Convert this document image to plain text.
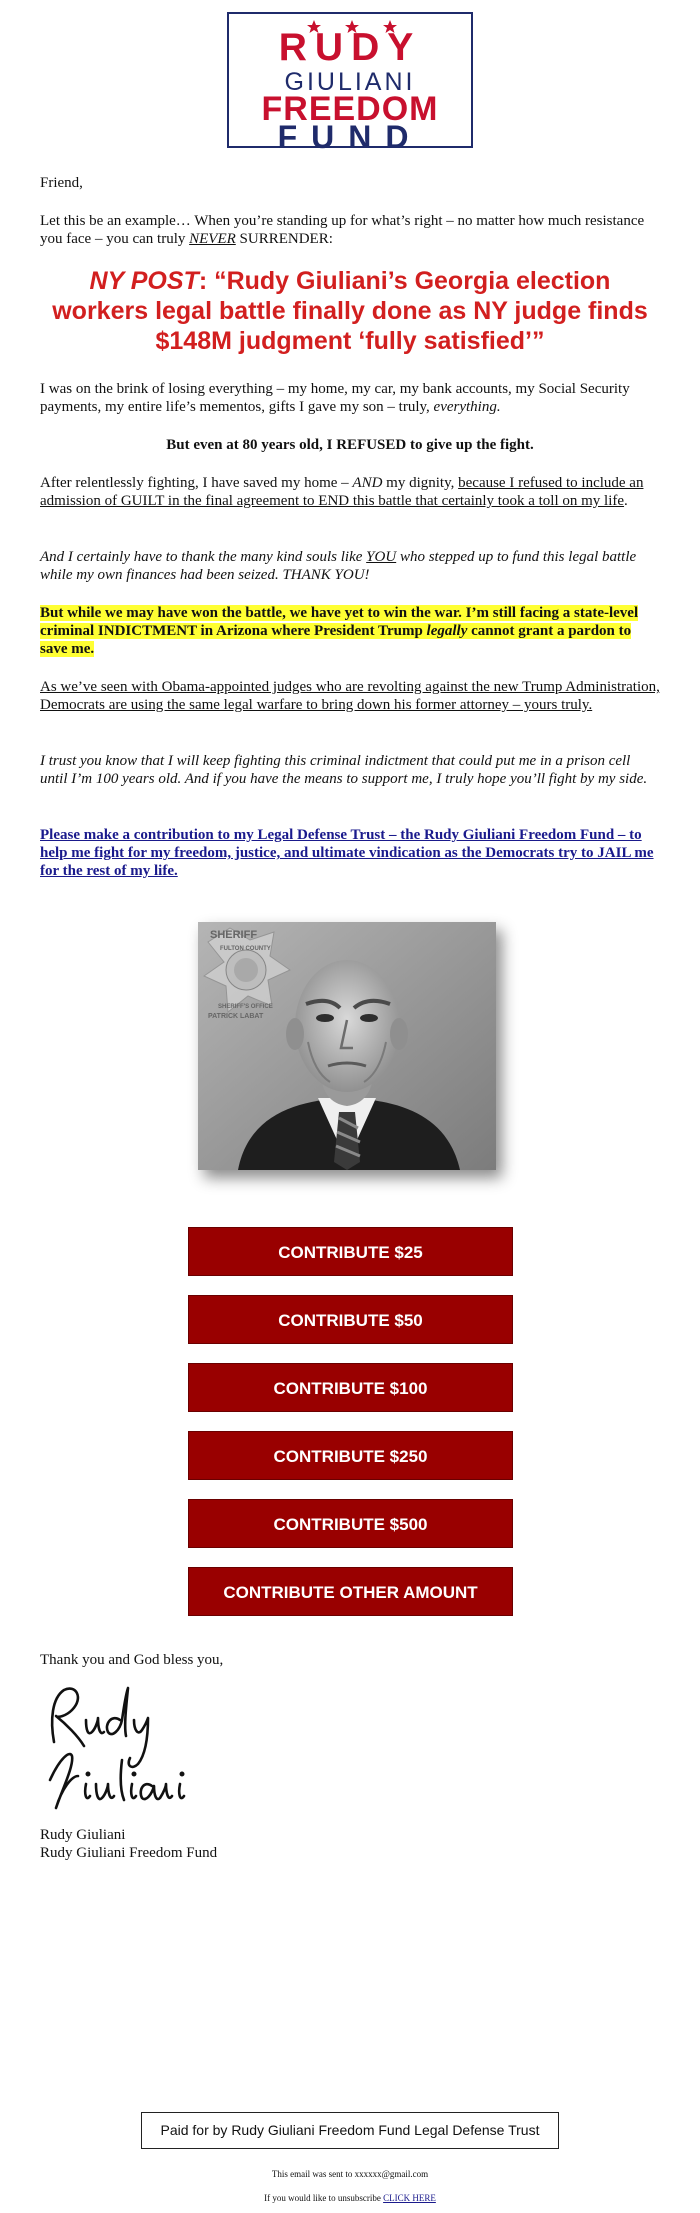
RUDY
GIULIANI
FREEDOM
FUND

Friend,

Let this be an example… When you’re standing up for what’s right – no matter how much resistance you face – you can truly NEVER SURRENDER:

NY POST: “Rudy Giuliani’s Georgia election workers legal battle finally done as NY judge finds $148M judgment ‘fully satisfied’”

I was on the brink of losing everything – my home, my car, my bank accounts, my Social Security payments, my entire life’s mementos, gifts I gave my son – truly, everything.

But even at 80 years old, I REFUSED to give up the fight.

After relentlessly fighting, I have saved my home – AND my dignity, because I refused to include an admission of GUILT in the final agreement to END this battle that certainly took a toll on my life.

And I certainly have to thank the many kind souls like YOU who stepped up to fund this legal battle while my own finances had been seized. THANK YOU!

But while we may have won the battle, we have yet to win the war. I’m still facing a state-level criminal INDICTMENT in Arizona where President Trump legally cannot grant a pardon to save me.

As we’ve seen with Obama-appointed judges who are revolting against the new Trump Administration, Democrats are using the same legal warfare to bring down his former attorney – yours truly.

I trust you know that I will keep fighting this criminal indictment that could put me in a prison cell until I’m 100 years old. And if you have the means to support me, I truly hope you’ll fight by my side.

Please make a contribution to my Legal Defense Trust – the Rudy Giuliani Freedom Fund – to help me fight for my freedom, justice, and ultimate vindication as the Democrats try to JAIL me for the rest of my life.

SHERIFF
FULTON COUNTY
SHERIFF'S OFFICE
PATRICK LABAT
CONTRIBUTE $25
CONTRIBUTE $50
CONTRIBUTE $100
CONTRIBUTE $250
CONTRIBUTE $500
CONTRIBUTE OTHER AMOUNT

Thank you and God bless you,

Rudy Giuliani

Rudy Giuliani

Rudy Giuliani Freedom Fund

Paid for by Rudy Giuliani Freedom Fund Legal Defense Trust
This email was sent to xxxxxx@gmail.com
If you would like to unsubscribe CLICK HERE
